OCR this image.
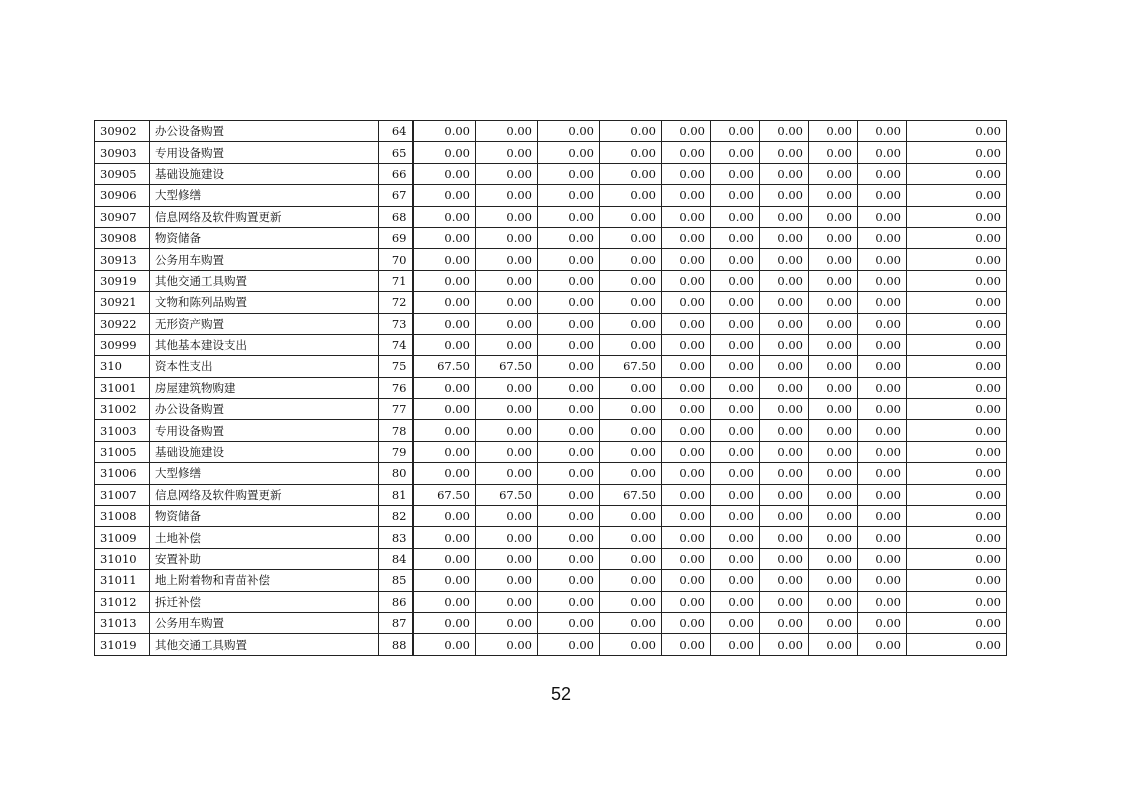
30902	办公设备购置	64	0.00	0.00	0.00	0.00	0.00	0.00	0.00	0.00	0.00	0.00
30903	专用设备购置	65	0.00	0.00	0.00	0.00	0.00	0.00	0.00	0.00	0.00	0.00
30905	基础设施建设	66	0.00	0.00	0.00	0.00	0.00	0.00	0.00	0.00	0.00	0.00
30906	大型修缮	67	0.00	0.00	0.00	0.00	0.00	0.00	0.00	0.00	0.00	0.00
30907	信息网络及软件购置更新	68	0.00	0.00	0.00	0.00	0.00	0.00	0.00	0.00	0.00	0.00
30908	物资储备	69	0.00	0.00	0.00	0.00	0.00	0.00	0.00	0.00	0.00	0.00
30913	公务用车购置	70	0.00	0.00	0.00	0.00	0.00	0.00	0.00	0.00	0.00	0.00
30919	其他交通工具购置	71	0.00	0.00	0.00	0.00	0.00	0.00	0.00	0.00	0.00	0.00
30921	文物和陈列品购置	72	0.00	0.00	0.00	0.00	0.00	0.00	0.00	0.00	0.00	0.00
30922	无形资产购置	73	0.00	0.00	0.00	0.00	0.00	0.00	0.00	0.00	0.00	0.00
30999	其他基本建设支出	74	0.00	0.00	0.00	0.00	0.00	0.00	0.00	0.00	0.00	0.00
310	资本性支出	75	67.50	67.50	0.00	67.50	0.00	0.00	0.00	0.00	0.00	0.00
31001	房屋建筑物购建	76	0.00	0.00	0.00	0.00	0.00	0.00	0.00	0.00	0.00	0.00
31002	办公设备购置	77	0.00	0.00	0.00	0.00	0.00	0.00	0.00	0.00	0.00	0.00
31003	专用设备购置	78	0.00	0.00	0.00	0.00	0.00	0.00	0.00	0.00	0.00	0.00
31005	基础设施建设	79	0.00	0.00	0.00	0.00	0.00	0.00	0.00	0.00	0.00	0.00
31006	大型修缮	80	0.00	0.00	0.00	0.00	0.00	0.00	0.00	0.00	0.00	0.00
31007	信息网络及软件购置更新	81	67.50	67.50	0.00	67.50	0.00	0.00	0.00	0.00	0.00	0.00
31008	物资储备	82	0.00	0.00	0.00	0.00	0.00	0.00	0.00	0.00	0.00	0.00
31009	土地补偿	83	0.00	0.00	0.00	0.00	0.00	0.00	0.00	0.00	0.00	0.00
31010	安置补助	84	0.00	0.00	0.00	0.00	0.00	0.00	0.00	0.00	0.00	0.00
31011	地上附着物和青苗补偿	85	0.00	0.00	0.00	0.00	0.00	0.00	0.00	0.00	0.00	0.00
31012	拆迁补偿	86	0.00	0.00	0.00	0.00	0.00	0.00	0.00	0.00	0.00	0.00
31013	公务用车购置	87	0.00	0.00	0.00	0.00	0.00	0.00	0.00	0.00	0.00	0.00
31019	其他交通工具购置	88	0.00	0.00	0.00	0.00	0.00	0.00	0.00	0.00	0.00	0.00
52
